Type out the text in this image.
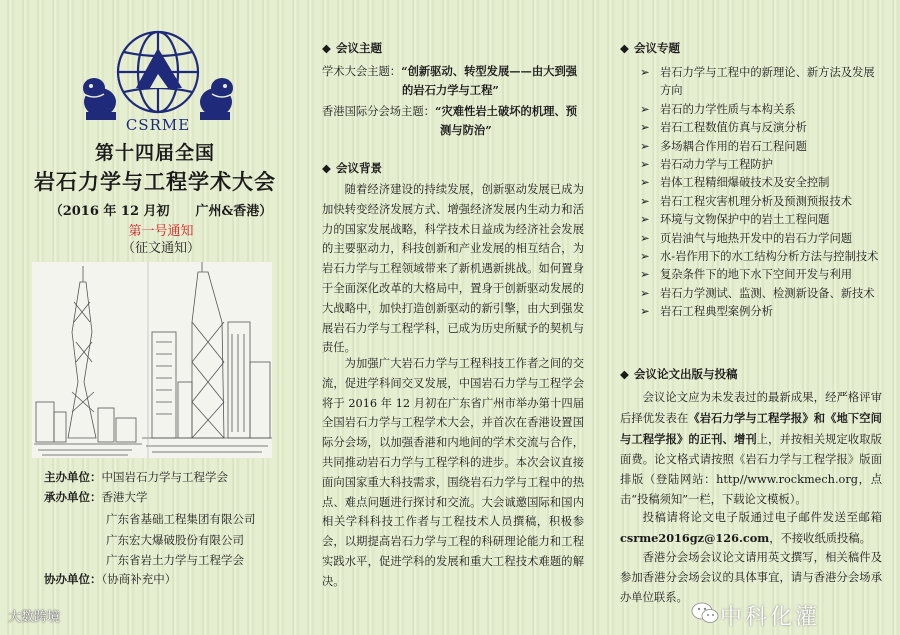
CSRME
第十四届全国
岩石力学与工程学术大会
（2016 年 12 月初　　广州&香港）
第一号通知
（征文通知）
主办单位：中国岩石力学与工程学会
承办单位：香港大学
广东省基础工程集团有限公司
广东宏大爆破股份有限公司
广东省岩土力学与工程学会
协办单位：（协商补充中）
◆ 会议主题
学术大会主题：“创新驱动、转型发展——由大到强
的岩石力学与工程”
香港国际分会场主题：“灾难性岩土破坏的机理、预
测与防治”
◆ 会议背景
随着经济建设的持续发展，创新驱动发展已成为加快转变经济发展方式、增强经济发展内生动力和活力的国家发展战略，科学技术日益成为经济社会发展的主要驱动力，科技创新和产业发展的相互结合，为岩石力学与工程领域带来了新机遇新挑战。如何置身于全面深化改革的大格局中，置身于创新驱动发展的大战略中，加快打造创新驱动的新引擎，由大到强发展岩石力学与工程学科，已成为历史所赋予的契机与责任。
为加强广大岩石力学与工程科技工作者之间的交流，促进学科间交叉发展，中国岩石力学与工程学会将于 2016 年 12 月初在广东省广州市举办第十四届全国岩石力学与工程学术大会，并首次在香港设置国际分会场，以加强香港和内地间的学术交流与合作，共同推动岩石力学与工程学科的进步。本次会议直接面向国家重大科技需求，围绕岩石力学与工程中的热点、难点问题进行探讨和交流。大会诚邀国际和国内相关学科科技工作者与工程技术人员撰稿，积极参会，以期提高岩石力学与工程的科研理论能力和工程实践水平，促进学科的发展和重大工程技术难题的解决。
◆ 会议专题
➢ 岩石力学与工程中的新理论、新方法及发展方向
➢ 岩石的力学性质与本构关系
➢ 岩石工程数值仿真与反演分析
➢ 多场耦合作用的岩石工程问题
➢ 岩石动力学与工程防护
➢ 岩体工程精细爆破技术及安全控制
➢ 岩石工程灾害机理分析及预测预报技术
➢ 环境与文物保护中的岩土工程问题
➢ 页岩油气与地热开发中的岩石力学问题
➢ 水-岩作用下的水工结构分析方法与控制技术
➢ 复杂条件下的地下水下空间开发与利用
➢ 岩石力学测试、监测、检测新设备、新技术
➢ 岩石工程典型案例分析
◆ 会议论文出版与投稿
会议论文应为未发表过的最新成果，经严格评审后择优发表在《岩石力学与工程学报》和《地下空间与工程学报》的正刊、增刊上，并按相关规定收取版面费。论文格式请按照《岩石力学与工程学报》版面排版（登陆网站：http//www.rockmech.org，点击“投稿须知”一栏，下载论文模板）。
投稿请将论文电子版通过电子邮件发送至邮箱csrme2016gz@126.com，不接收纸质投稿。
香港分会场会议论文请用英文撰写，相关稿件及参加香港分会场会议的具体事宜，请与香港分会场承办单位联系。
大数跨境	中科化灌
